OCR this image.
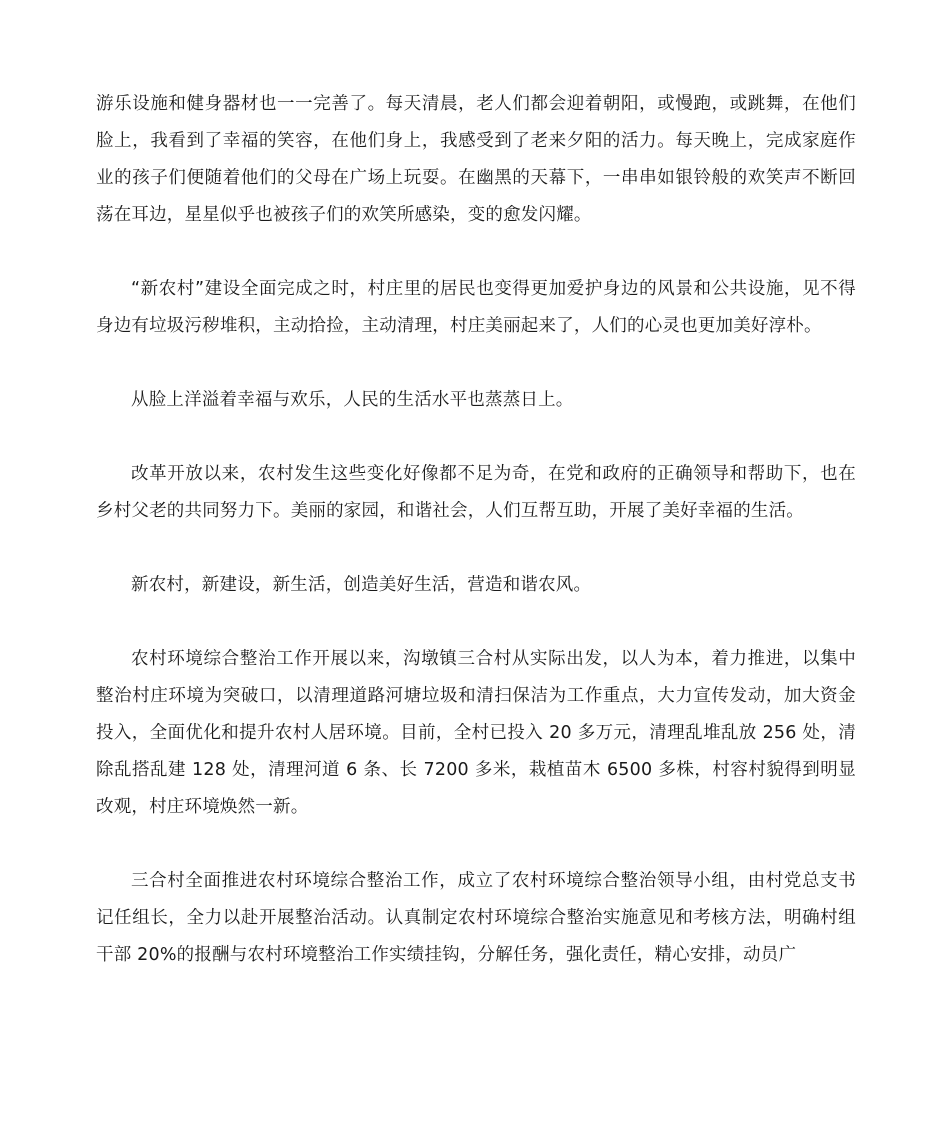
游乐设施和健身器材也一一完善了。每天清晨，老人们都会迎着朝阳，或慢跑，或跳舞，在他们脸上，我看到了幸福的笑容，在他们身上，我感受到了老来夕阳的活力。每天晚上，完成家庭作业的孩子们便随着他们的父母在广场上玩耍。在幽黑的天幕下，一串串如银铃般的欢笑声不断回荡在耳边，星星似乎也被孩子们的欢笑所感染，变的愈发闪耀。

“新农村”建设全面完成之时，村庄里的居民也变得更加爱护身边的风景和公共设施，见不得身边有垃圾污秽堆积，主动拾捡，主动清理，村庄美丽起来了，人们的心灵也更加美好淳朴。

从脸上洋溢着幸福与欢乐，人民的生活水平也蒸蒸日上。

改革开放以来，农村发生这些变化好像都不足为奇，在党和政府的正确领导和帮助下，也在乡村父老的共同努力下。美丽的家园，和谐社会，人们互帮互助，开展了美好幸福的生活。

新农村，新建设，新生活，创造美好生活，营造和谐农风。

农村环境综合整治工作开展以来，沟墩镇三合村从实际出发，以人为本，着力推进，以集中整治村庄环境为突破口，以清理道路河塘垃圾和清扫保洁为工作重点，大力宣传发动，加大资金投入，全面优化和提升农村人居环境。目前，全村已投入 20 多万元，清理乱堆乱放 256 处，清除乱搭乱建 128 处，清理河道 6 条、长 7200 多米，栽植苗木 6500 多株，村容村貌得到明显改观，村庄环境焕然一新。

三合村全面推进农村环境综合整治工作，成立了农村环境综合整治领导小组，由村党总支书记任组长，全力以赴开展整治活动。认真制定农村环境综合整治实施意见和考核方法，明确村组干部 20%的报酬与农村环境整治工作实绩挂钩，分解任务，强化责任，精心安排，动员广
